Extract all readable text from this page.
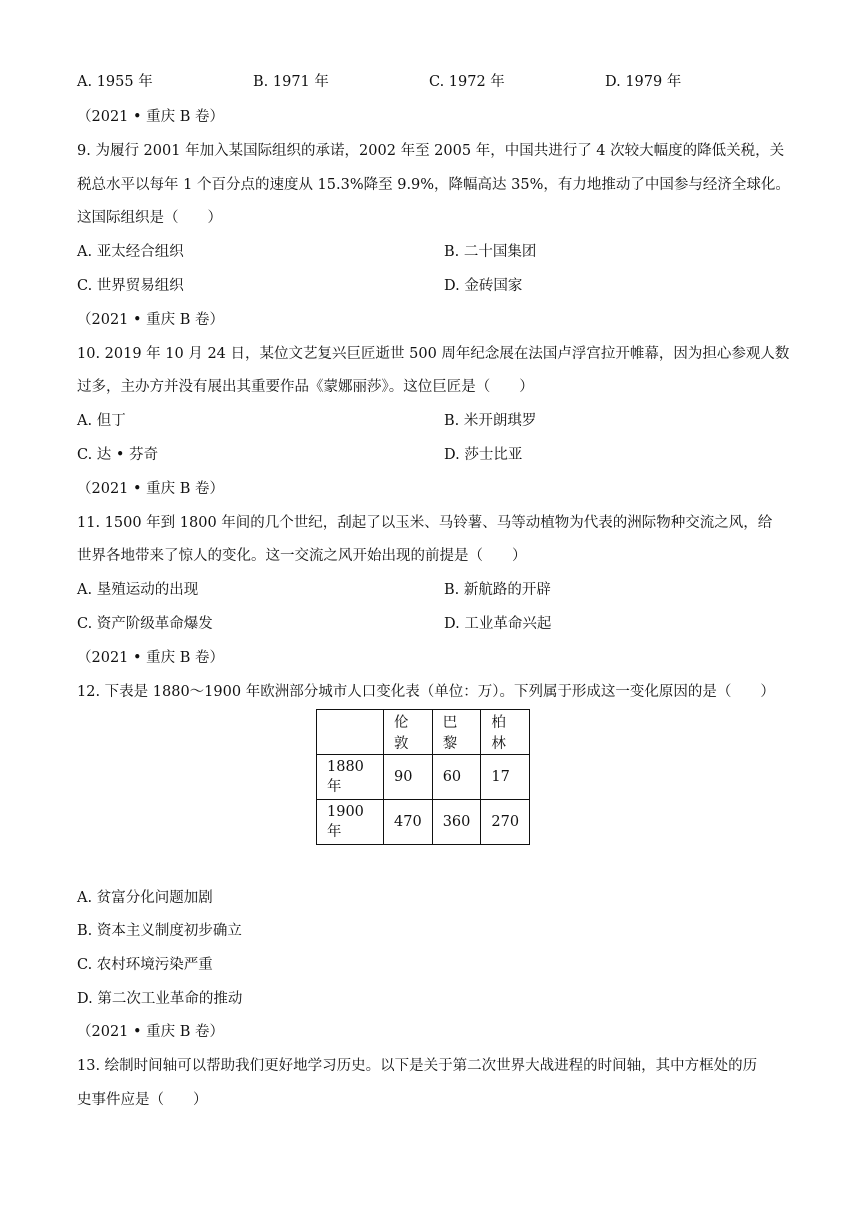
A. 1955 年	B. 1971 年	C. 1972 年	D. 1979 年
（2021 • 重庆 B 卷）
9. 为履行 2001 年加入某国际组织的承诺，2002 年至 2005 年，中国共进行了 4 次较大幅度的降低关税，关
税总水平以每年 1 个百分点的速度从 15.3%降至 9.9%，降幅高达 35%，有力地推动了中国参与经济全球化。
这国际组织是（　　）
A. 亚太经合组织	B. 二十国集团
C. 世界贸易组织	D. 金砖国家
（2021 • 重庆 B 卷）
10. 2019 年 10 月 24 日，某位文艺复兴巨匠逝世 500 周年纪念展在法国卢浮宫拉开帷幕，因为担心参观人数
过多，主办方并没有展出其重要作品《蒙娜丽莎》。这位巨匠是（　　）
A. 但丁	B. 米开朗琪罗
C. 达 • 芬奇	D. 莎士比亚
（2021 • 重庆 B 卷）
11. 1500 年到 1800 年间的几个世纪，刮起了以玉米、马铃薯、马等动植物为代表的洲际物种交流之风，给
世界各地带来了惊人的变化。这一交流之风开始出现的前提是（　　）
A. 垦殖运动的出现	B. 新航路的开辟
C. 资产阶级革命爆发	D. 工业革命兴起
（2021 • 重庆 B 卷）
12. 下表是 1880～1900 年欧洲部分城市人口变化表（单位：万）。下列属于形成这一变化原因的是（　　）
	伦敦	巴黎	柏林
1880 年	90	60	17
1900 年	470	360	270
A. 贫富分化问题加剧
B. 资本主义制度初步确立
C. 农村环境污染严重
D. 第二次工业革命的推动
（2021 • 重庆 B 卷）
13. 绘制时间轴可以帮助我们更好地学习历史。以下是关于第二次世界大战进程的时间轴，其中方框处的历
史事件应是（　　）
